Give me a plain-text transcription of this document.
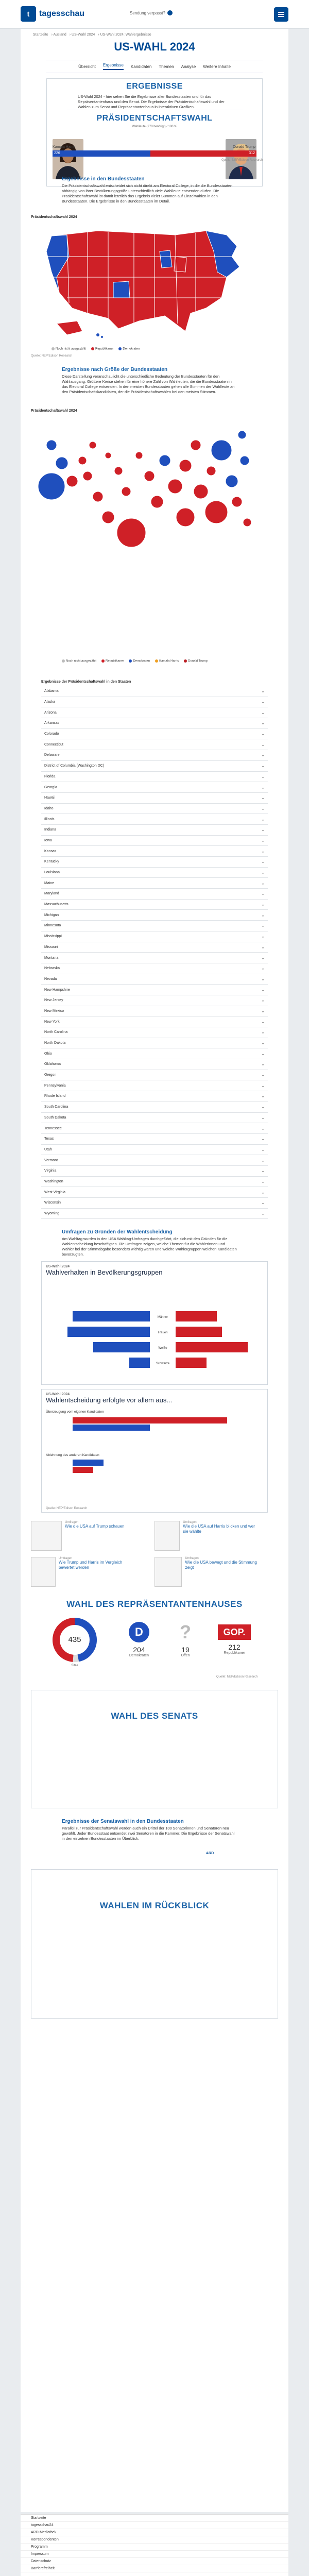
t	tagesschau	Sendung verpasst?
Startseite › Ausland › US-Wahl 2024 › US-Wahl 2024: Wahlergebnisse
US-WAHL 2024
Übersicht Ergebnisse Kandidaten Themen Analyse Weitere Inhalte
ERGEBNISSE

US-Wahl 2024 - hier sehen Sie die Ergebnisse aller Bundesstaaten und für das Repräsentantenhaus und den Senat. Die Ergebnisse der Präsidentschaftswahl und der Wahlen zum Senat und Repräsentantenhaus in interaktiven Grafiken.

PRÄSIDENTSCHAFTSWAHL
Wahlleute (270 benötigt) / 100 %
Kamala Harris	Donald Trump
226	312
Quelle: NEP/Edison Research
Ergebnisse in den Bundesstaaten

Die Präsidentschaftswahl entscheidet sich nicht direkt am Electoral College, in die die Bundesstaaten abhängig von ihrer Bevölkerungsgröße unterschiedlich viele Wahlleute entsenden dürfen. Die Präsidentschaftswahl ist damit letztlich das Ergebnis vieler Summen auf Einzelwahlen in den Bundesstaaten. Die Ergebnisse in den Bundesstaaten im Detail.

Präsidentschaftswahl 2024
Noch nicht ausgezählt	Republikaner	Demokraten
Quelle: NEP/Edison Research
Ergebnisse nach Größe der Bundesstaaten

Diese Darstellung veranschaulicht die unterschiedliche Bedeutung der Bundesstaaten für den Wahlausgang. Größere Kreise stehen für eine höhere Zahl von Wahlleuten, die die Bundesstaaten in das Electoral College entsenden. In den meisten Bundesstaaten gehen alle Stimmen der Wahlleute an den Präsidentschaftskandidaten, der die Präsidentschaftswahlen bei den meisten Stimmen.

Präsidentschaftswahl 2024
Noch nicht ausgezählt	Republikaner	Demokraten	Kamala Harris	Donald Trump
Ergebnisse der Präsidentschaftswahl in den Staaten
Alabama	⌄
Alaska	⌄
Arizona	⌄
Arkansas	⌄
Colorado	⌄
Connecticut	⌄
Delaware	⌄
District of Columbia (Washington DC)	⌄
Florida	⌄
Georgia	⌄
Hawaii	⌄
Idaho	⌄
Illinois	⌄
Indiana	⌄
Iowa	⌄
Kansas	⌄
Kentucky	⌄
Louisiana	⌄
Maine	⌄
Maryland	⌄
Massachusetts	⌄
Michigan	⌄
Minnesota	⌄
Mississippi	⌄
Missouri	⌄
Montana	⌄
Nebraska	⌄
Nevada	⌄
New Hampshire	⌄
New Jersey	⌄
New Mexico	⌄
New York	⌄
North Carolina	⌄
North Dakota	⌄
Ohio	⌄
Oklahoma	⌄
Oregon	⌄
Pennsylvania	⌄
Rhode Island	⌄
South Carolina	⌄
South Dakota	⌄
Tennessee	⌄
Texas	⌄
Utah	⌄
Vermont	⌄
Virginia	⌄
Washington	⌄
West Virginia	⌄
Wisconsin	⌄
Wyoming	⌄
Umfragen zu Gründen der Wahlentscheidung

Am Wahltag wurden in den USA Wahltag-Umfragen durchgeführt, die sich mit den Gründen für die Wahlentscheidung beschäftigten. Die Umfragen zeigen, welche Themen für die Wählerinnen und Wähler bei der Stimmabgabe besonders wichtig waren und welche Wählergruppen welchen Kandidaten bevorzugten.

US-Wahl 2024
Wahlverhalten in Bevölkerungsgruppen
Männer
Frauen
Weiße
Schwarze
US-Wahl 2024
Wahlentscheidung erfolgte vor allem aus...
Überzeugung vom eigenen Kandidaten
Ablehnung des anderen Kandidaten
Quelle: NEP/Edison Research
Umfragen
Wie die USA auf Trump schauen
Umfragen
Wie die USA auf Harris blicken und wer sie wählte
Umfragen
Wie Trump und Harris im Vergleich bewertet werden
Umfragen
Wie die USA bewegt und die Stimmung zeigt
WAHL DES REPRÄSENTANTENHAUSES
435
Sitze
D
204
Demokraten
?
19
Offen
GOP.
212
Republikaner
Quelle: NEP/Edison Research
WAHL DES SENATS
Ergebnisse der Senatswahl in den Bundesstaaten

Parallel zur Präsidentschaftswahl werden auch ein Drittel der 100 Senatorinnen und Senatoren neu gewählt. Jeder Bundesstaat entsendet zwei Senatoren in die Kammer. Die Ergebnisse der Senatswahl in den einzelnen Bundesstaaten im Überblick.

ARD
WAHLEN IM RÜCKBLICK
Startseite
tagesschau24
ARD-Mediathek
Korrespondenten
Programm
Impressum
Datenschutz
Barrierefreiheit
